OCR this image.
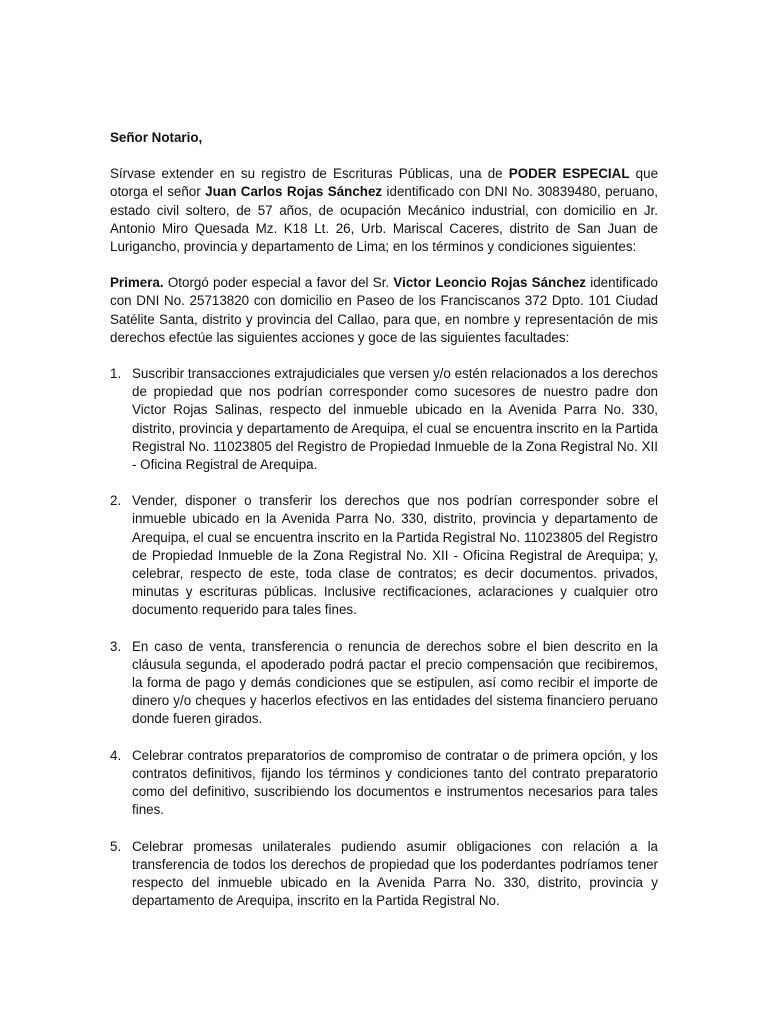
Señor Notario,

Sírvase extender en su registro de Escrituras Públicas, una de PODER ESPECIAL que otorga el señor Juan Carlos Rojas Sánchez identificado con DNI No. 30839480, peruano, estado civil soltero, de 57 años, de ocupación Mecánico industrial, con domicilio en Jr. Antonio Miro Quesada Mz. K18 Lt. 26, Urb. Mariscal Caceres, distrito de San Juan de Lurigancho, provincia y departamento de Lima; en los términos y condiciones siguientes:

Primera. Otorgó poder especial a favor del Sr. Victor Leoncio Rojas Sánchez identificado con DNI No. 25713820 con domicilio en Paseo de los Franciscanos 372 Dpto. 101 Ciudad Satélite Santa, distrito y provincia del Callao, para que, en nombre y representación de mis derechos efectúe las siguientes acciones y goce de las siguientes facultades:

1. Suscribir transacciones extrajudiciales que versen y/o estén relacionados a los derechos de propiedad que nos podrían corresponder como sucesores de nuestro padre don Victor Rojas Salinas, respecto del inmueble ubicado en la Avenida Parra No. 330, distrito, provincia y departamento de Arequipa, el cual se encuentra inscrito en la Partida Registral No. 11023805 del Registro de Propiedad Inmueble de la Zona Registral No. XII - Oficina Registral de Arequipa.
2. Vender, disponer o transferir los derechos que nos podrían corresponder sobre el inmueble ubicado en la Avenida Parra No. 330, distrito, provincia y departamento de Arequipa, el cual se encuentra inscrito en la Partida Registral No. 11023805 del Registro de Propiedad Inmueble de la Zona Registral No. XII - Oficina Registral de Arequipa; y, celebrar, respecto de este, toda clase de contratos; es decir documentos. privados, minutas y escrituras públicas. Inclusive rectificaciones, aclaraciones y cualquier otro documento requerido para tales fines.
3. En caso de venta, transferencia o renuncia de derechos sobre el bien descrito en la cláusula segunda, el apoderado podrá pactar el precio compensación que recibiremos, la forma de pago y demás condiciones que se estipulen, así como recibir el importe de dinero y/o cheques y hacerlos efectivos en las entidades del sistema financiero peruano donde fueren girados.
4. Celebrar contratos preparatorios de compromiso de contratar o de primera opción, y los contratos definitivos, fijando los términos y condiciones tanto del contrato preparatorio como del definitivo, suscribiendo los documentos e instrumentos necesarios para tales fines.
5. Celebrar promesas unilaterales pudiendo asumir obligaciones con relación a la transferencia de todos los derechos de propiedad que los poderdantes podríamos tener respecto del inmueble ubicado en la Avenida Parra No. 330, distrito, provincia y departamento de Arequipa, inscrito en la Partida Registral No.
